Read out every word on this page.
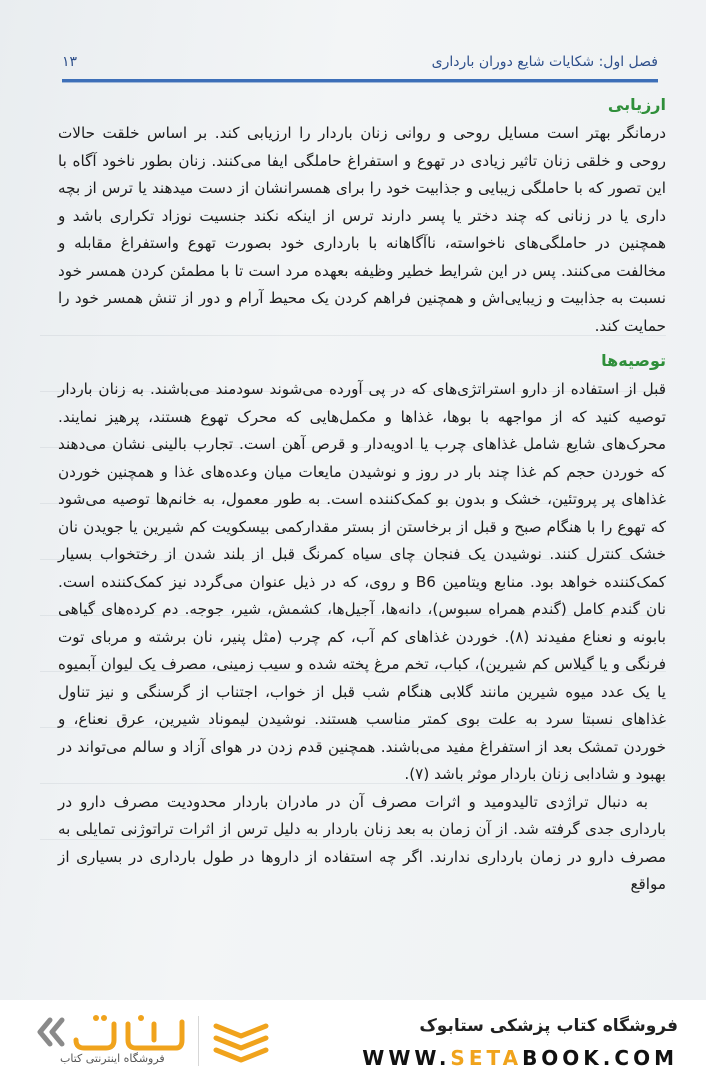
فصل اول: شکایات شایع دوران بارداری
۱۳
ارزیابی

درمانگر بهتر است مسایل روحی و روانی زنان باردار را ارزیابی کند. بر اساس خلقت حالات روحی و خلقی زنان تاثیر زیادی در تهوع و استفراغ حاملگی ایفا می‌کنند. زنان بطور ناخود آگاه با این تصور که با حاملگی زیبایی و جذابیت خود را برای همسرانشان از دست میدهند یا ترس از بچه داری یا در زنانی که چند دختر یا پسر دارند ترس از اینکه نکند جنسیت نوزاد تکراری باشد و همچنین در حاملگی‌های ناخواسته، ناآگاهانه با بارداری خود بصورت تهوع واستفراغ مقابله و مخالفت می‌کنند. پس در این شرایط خطیر وظیفه بعهده مرد است تا با مطمئن کردن همسر خود نسبت به جذابیت و زیبایی‌اش و همچنین فراهم کردن یک محیط آرام و دور از تنش همسر خود را حمایت کند.

توصیه‌ها

قبل از استفاده از دارو استراتژی‌های که در پی آورده می‌شوند سودمند می‌باشند. به زنان باردار توصیه کنید که از مواجهه با بوها، غذاها و مکمل‌هایی که محرک تهوع هستند، پرهیز نمایند. محرک‌های شایع شامل غذاهای چرب یا ادویه‌دار و قرص آهن است. تجارب بالینی نشان می‌دهند که خوردن حجم کم غذا چند بار در روز و نوشیدن مایعات میان وعده‌های غذا و همچنین خوردن غذاهای پر پروتئین، خشک و بدون بو کمک‌کننده است. به طور معمول، به خانم‌ها توصیه می‌شود که تهوع را با هنگام صبح و قبل از برخاستن از بستر مقدارکمی بیسکویت کم شیرین یا جویدن نان خشک کنترل کنند. نوشیدن یک فنجان چای سیاه کمرنگ قبل از بلند شدن از رختخواب بسیار کمک‌کننده خواهد بود. منابع ویتامین B6 و روی، که در ذیل عنوان می‌گردد نیز کمک‌کننده است. نان گندم کامل (گندم همراه سبوس)، دانه‌ها، آجیل‌ها، کشمش، شیر، جوجه. دم کرده‌های گیاهی بابونه و نعناع مفیدند (۸). خوردن غذاهای کم آب، کم چرب (مثل پنیر، نان برشته و مربای توت فرنگی و یا گیلاس کم شیرین)، کباب، تخم مرغ پخته شده و سیب زمینی، مصرف یک لیوان آبمیوه یا یک عدد میوه شیرین مانند گلابی هنگام شب قبل از خواب، اجتناب از گرسنگی و نیز تناول غذاهای نسبتا سرد به علت بوی کمتر مناسب هستند. نوشیدن لیموناد شیرین، عرق نعناع، و خوردن تمشک بعد از استفراغ مفید می‌باشند. همچنین قدم زدن در هوای آزاد و سالم می‌تواند در بهبود و شادابی زنان باردار موثر باشد (۷).

به دنبال تراژدی تالیدومید و اثرات مصرف آن در مادران باردار محدودیت مصرف دارو در بارداری جدی گرفته شد. از آن زمان به بعد زنان باردار به دلیل ترس از اثرات تراتوژنی تمایلی به مصرف دارو در زمان بارداری ندارند. اگر چه استفاده از داروها در طول بارداری در بسیاری از مواقع

فروشگاه اینترنتی کتاب
فروشگاه کتاب پزشکی ستابوک
WWW.SETABOOK.COM
